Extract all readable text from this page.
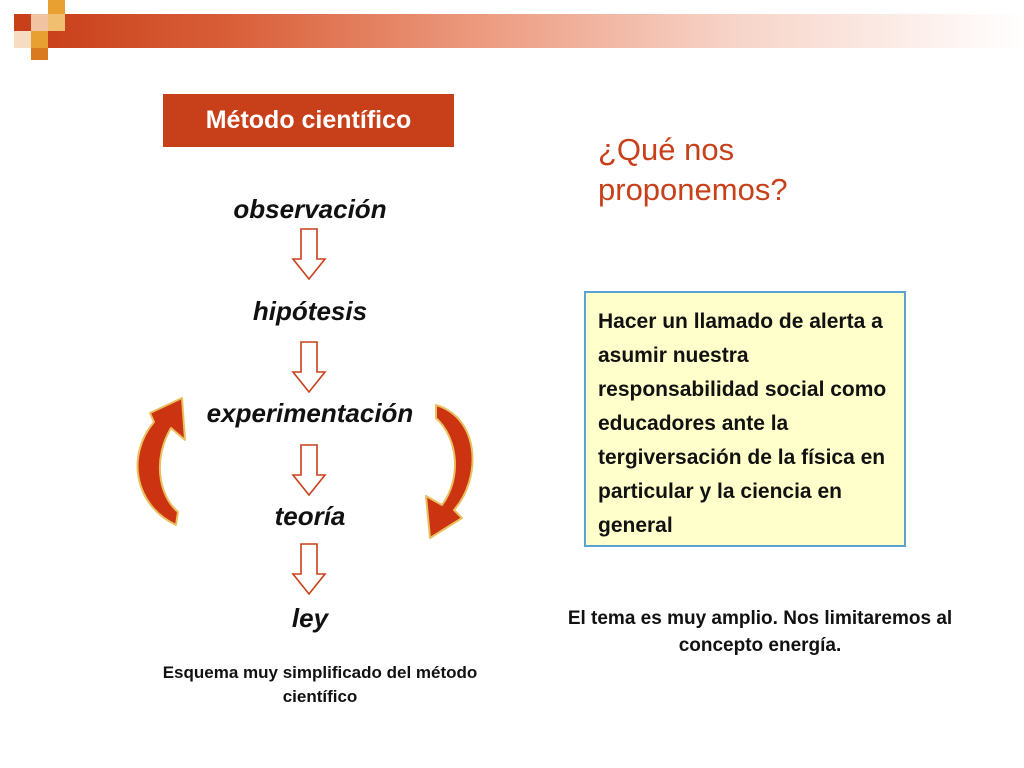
Método científico
observación
hipótesis
experimentación
teoría
ley
Esquema muy simplificado del método científico
¿Qué nos proponemos?
Hacer un llamado de alerta a asumir nuestra responsabilidad social como educadores ante la tergiversación de la física en particular y la ciencia en general
El tema es muy amplio. Nos limitaremos al concepto energía.
